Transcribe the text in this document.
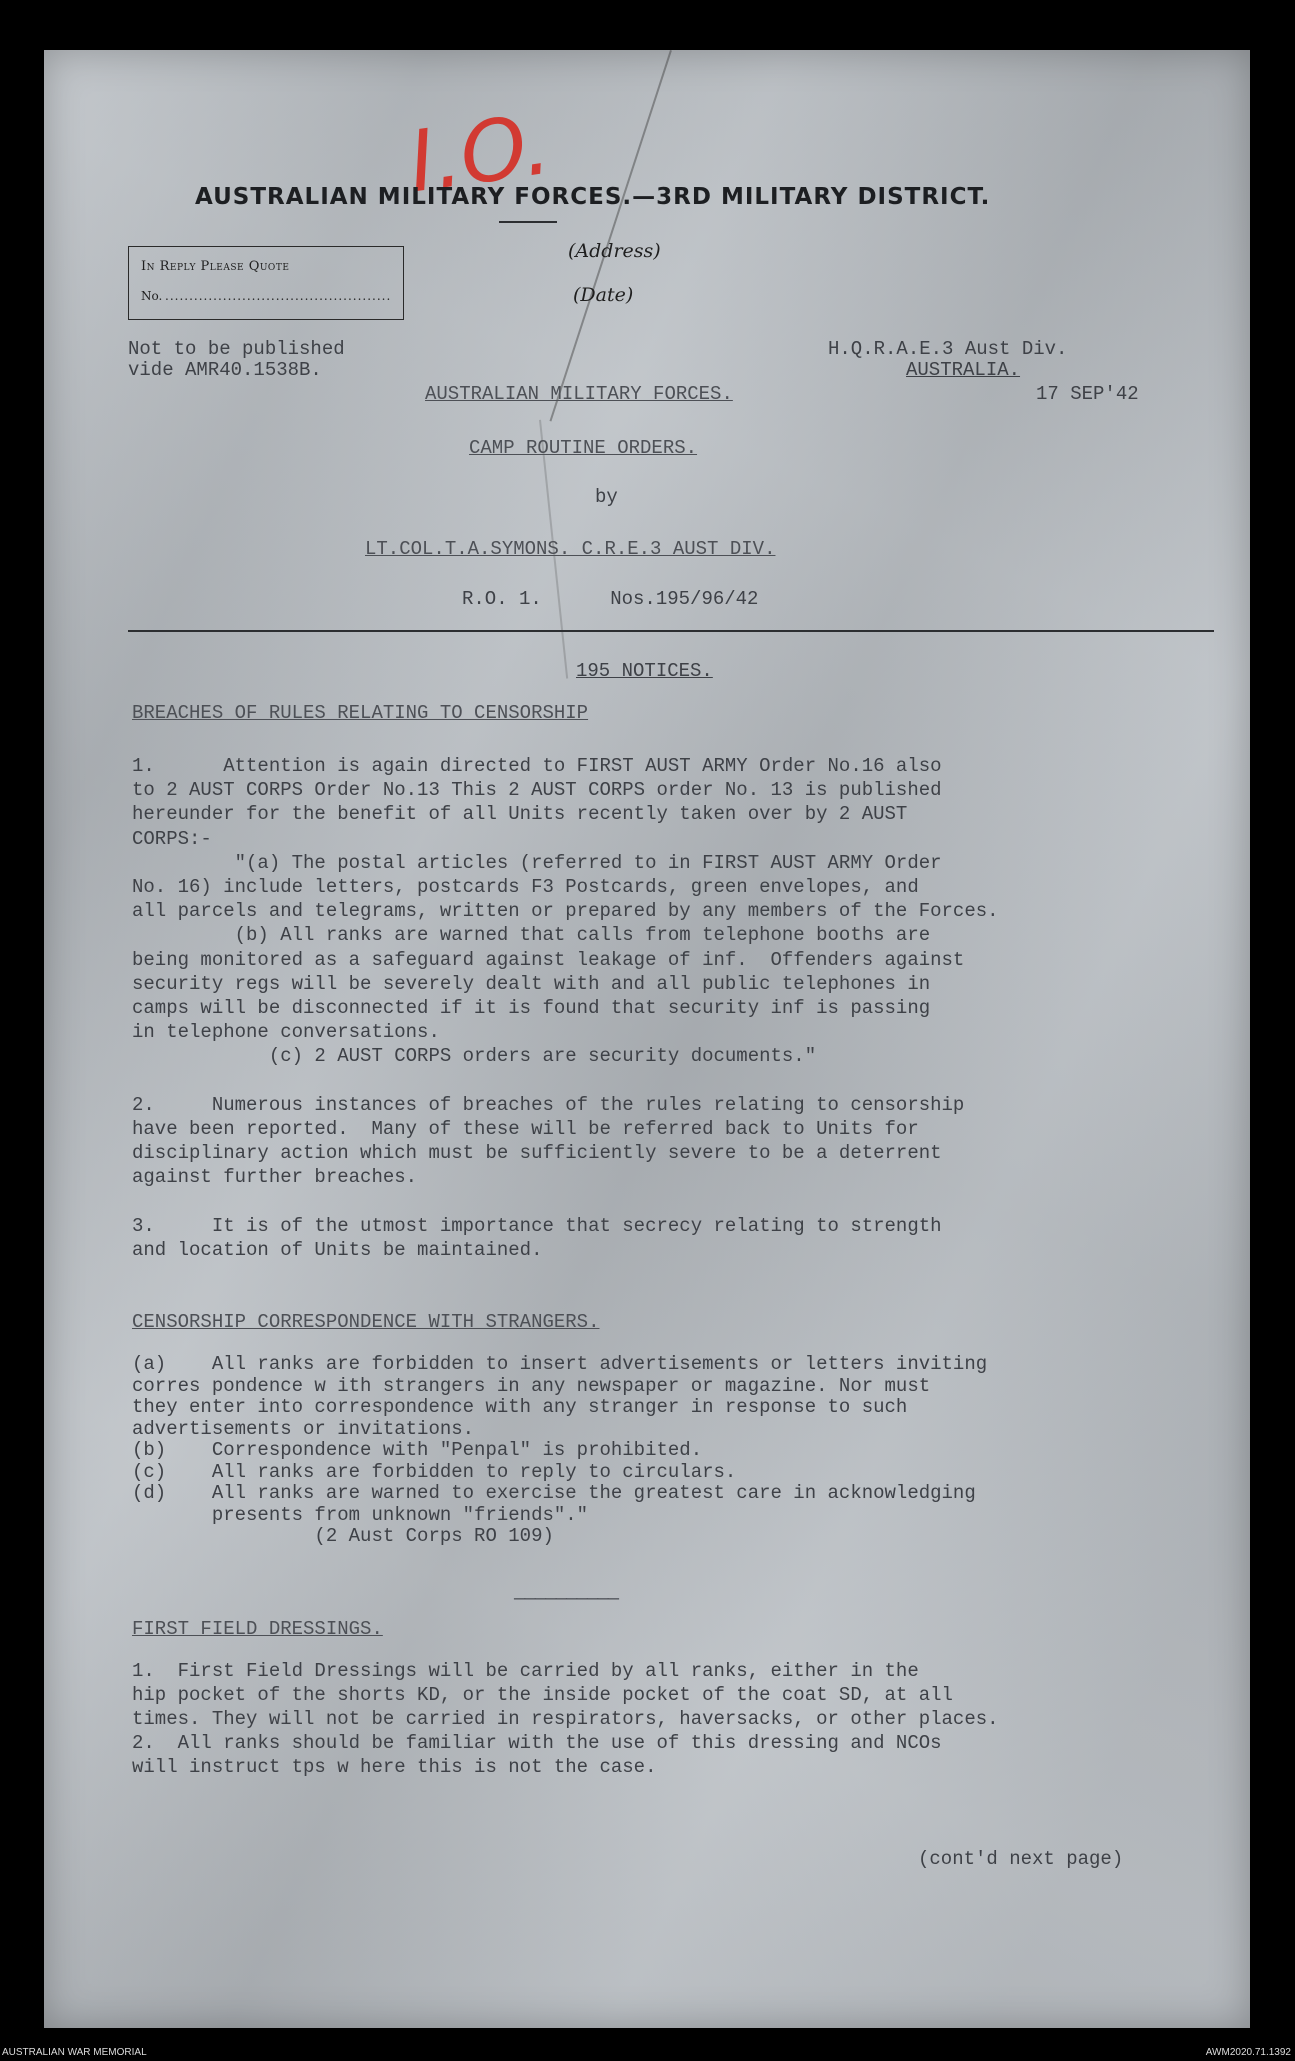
I.O.
AUSTRALIAN MILITARY FORCES.—3RD MILITARY DISTRICT.
In Reply Please Quote
No. ...............................................
(Address)
(Date)
Not to be published
vide AMR40.1538B.
H.Q.R.A.E.3 Aust Div.
AUSTRALIA.
17 SEP'42
AUSTRALIAN MILITARY FORCES.
CAMP ROUTINE ORDERS.
by
LT.COL.T.A.SYMONS. C.R.E.3 AUST DIV.
R.O. 1.      Nos.195/96/42
195 NOTICES.
BREACHES OF RULES RELATING TO CENSORSHIP
1.      Attention is again directed to FIRST AUST ARMY Order No.16 also
to 2 AUST CORPS Order No.13 This 2 AUST CORPS order No. 13 is published
hereunder for the benefit of all Units recently taken over by 2 AUST
CORPS:-
"(a) The postal articles (referred to in FIRST AUST ARMY Order
No. 16) include letters, postcards F3 Postcards, green envelopes, and
all parcels and telegrams, written or prepared by any members of the Forces.
(b) All ranks are warned that calls from telephone booths are
being monitored as a safeguard against leakage of inf.  Offenders against
security regs will be severely dealt with and all public telephones in
camps will be disconnected if it is found that security inf is passing
in telephone conversations.
(c) 2 AUST CORPS orders are security documents."
2.     Numerous instances of breaches of the rules relating to censorship
have been reported.  Many of these will be referred back to Units for
disciplinary action which must be sufficiently severe to be a deterrent
against further breaches.
3.     It is of the utmost importance that secrecy relating to strength
and location of Units be maintained.
CENSORSHIP CORRESPONDENCE WITH STRANGERS.
(a)    All ranks are forbidden to insert advertisements or letters inviting
corres pondence w ith strangers in any newspaper or magazine. Nor must
they enter into correspondence with any stranger in response to such
advertisements or invitations.
(b)    Correspondence with "Penpal" is prohibited.
(c)    All ranks are forbidden to reply to circulars.
(d)    All ranks are warned to exercise the greatest care in acknowledging
presents from unknown "friends"."
(2 Aust Corps RO 109)
——————————
FIRST FIELD DRESSINGS.
1.  First Field Dressings will be carried by all ranks, either in the
hip pocket of the shorts KD, or the inside pocket of the coat SD, at all
times. They will not be carried in respirators, haversacks, or other places.
2.  All ranks should be familiar with the use of this dressing and NCOs
will instruct tps w here this is not the case.
(cont'd next page)
AUSTRALIAN WAR MEMORIAL	AWM2020.71.1392
